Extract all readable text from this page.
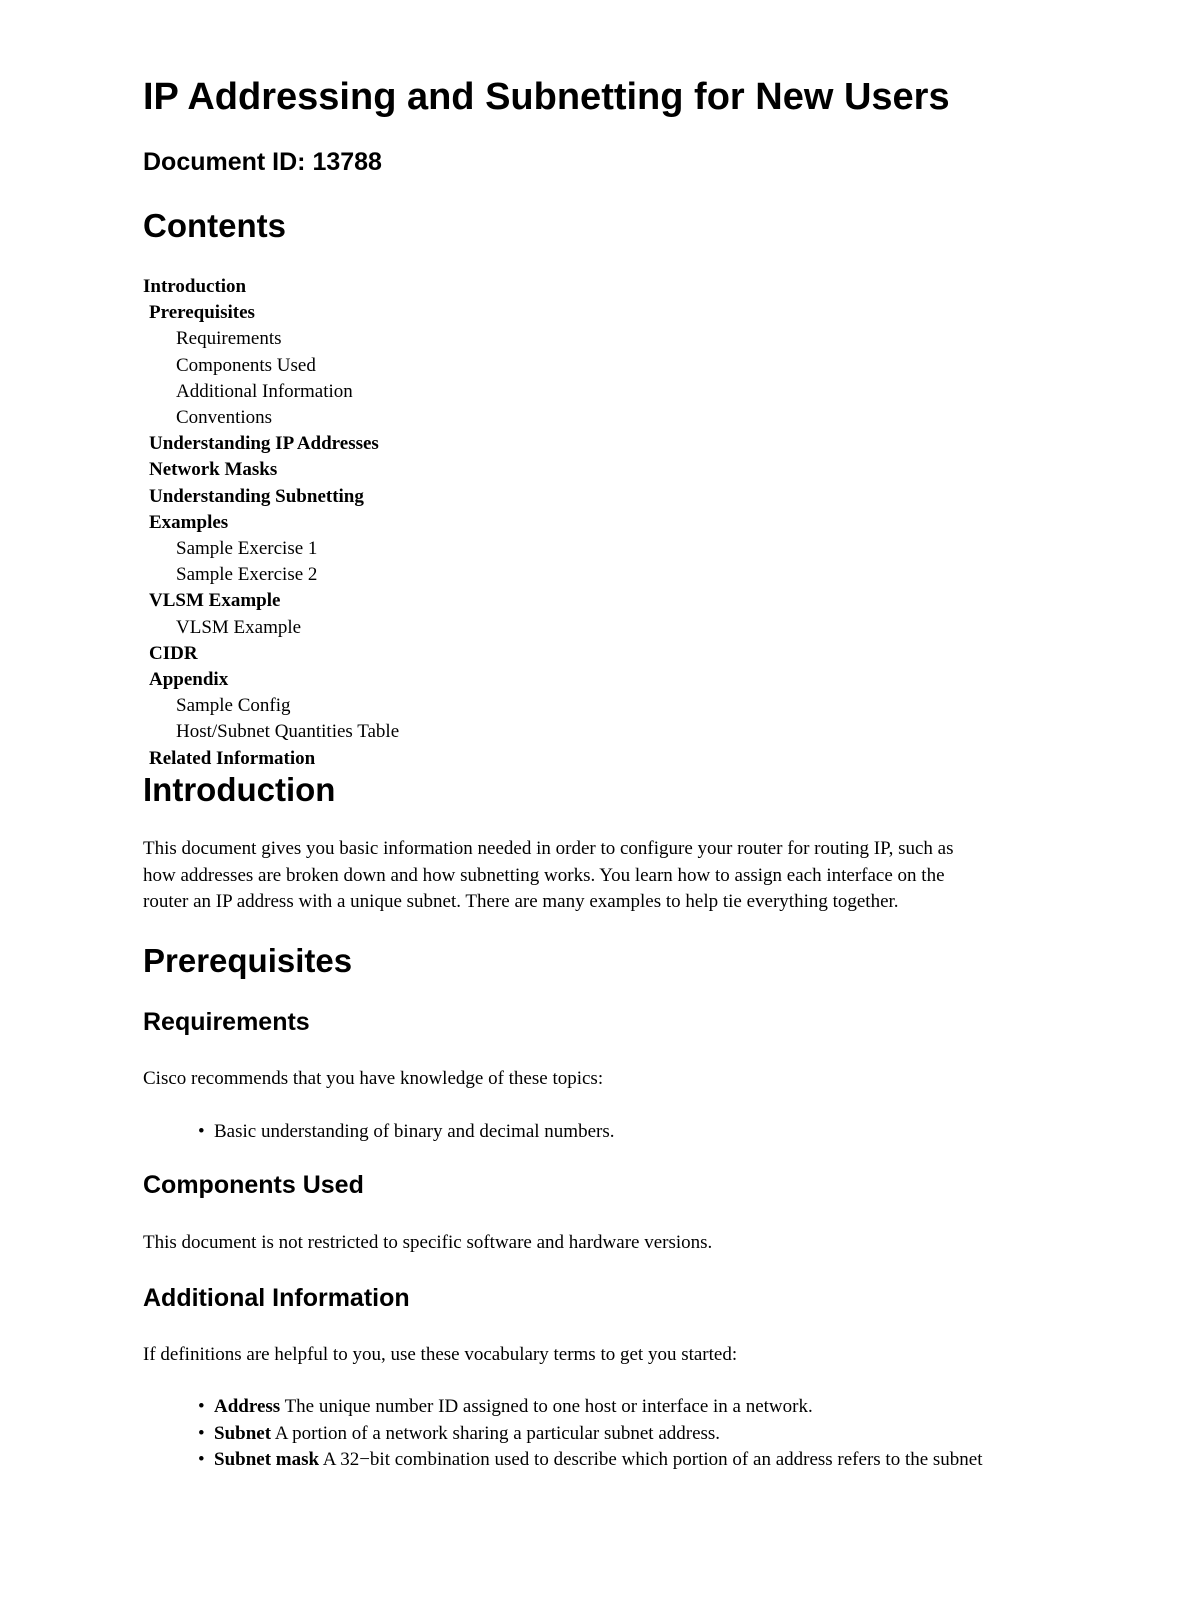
IP Addressing and Subnetting for New Users
Document ID: 13788
Contents
Introduction
Prerequisites
Requirements
Components Used
Additional Information
Conventions
Understanding IP Addresses
Network Masks
Understanding Subnetting
Examples
Sample Exercise 1
Sample Exercise 2
VLSM Example
VLSM Example
CIDR
Appendix
Sample Config
Host/Subnet Quantities Table
Related Information
Introduction
This document gives you basic information needed in order to configure your router for routing IP, such as
how addresses are broken down and how subnetting works. You learn how to assign each interface on the
router an IP address with a unique subnet. There are many examples to help tie everything together.
Prerequisites
Requirements

Cisco recommends that you have knowledge of these topics:

• Basic understanding of binary and decimal numbers.
Components Used

This document is not restricted to specific software and hardware versions.

Additional Information

If definitions are helpful to you, use these vocabulary terms to get you started:

• Address The unique number ID assigned to one host or interface in a network.
• Subnet A portion of a network sharing a particular subnet address.
• Subnet mask A 32−bit combination used to describe which portion of an address refers to the subnet
